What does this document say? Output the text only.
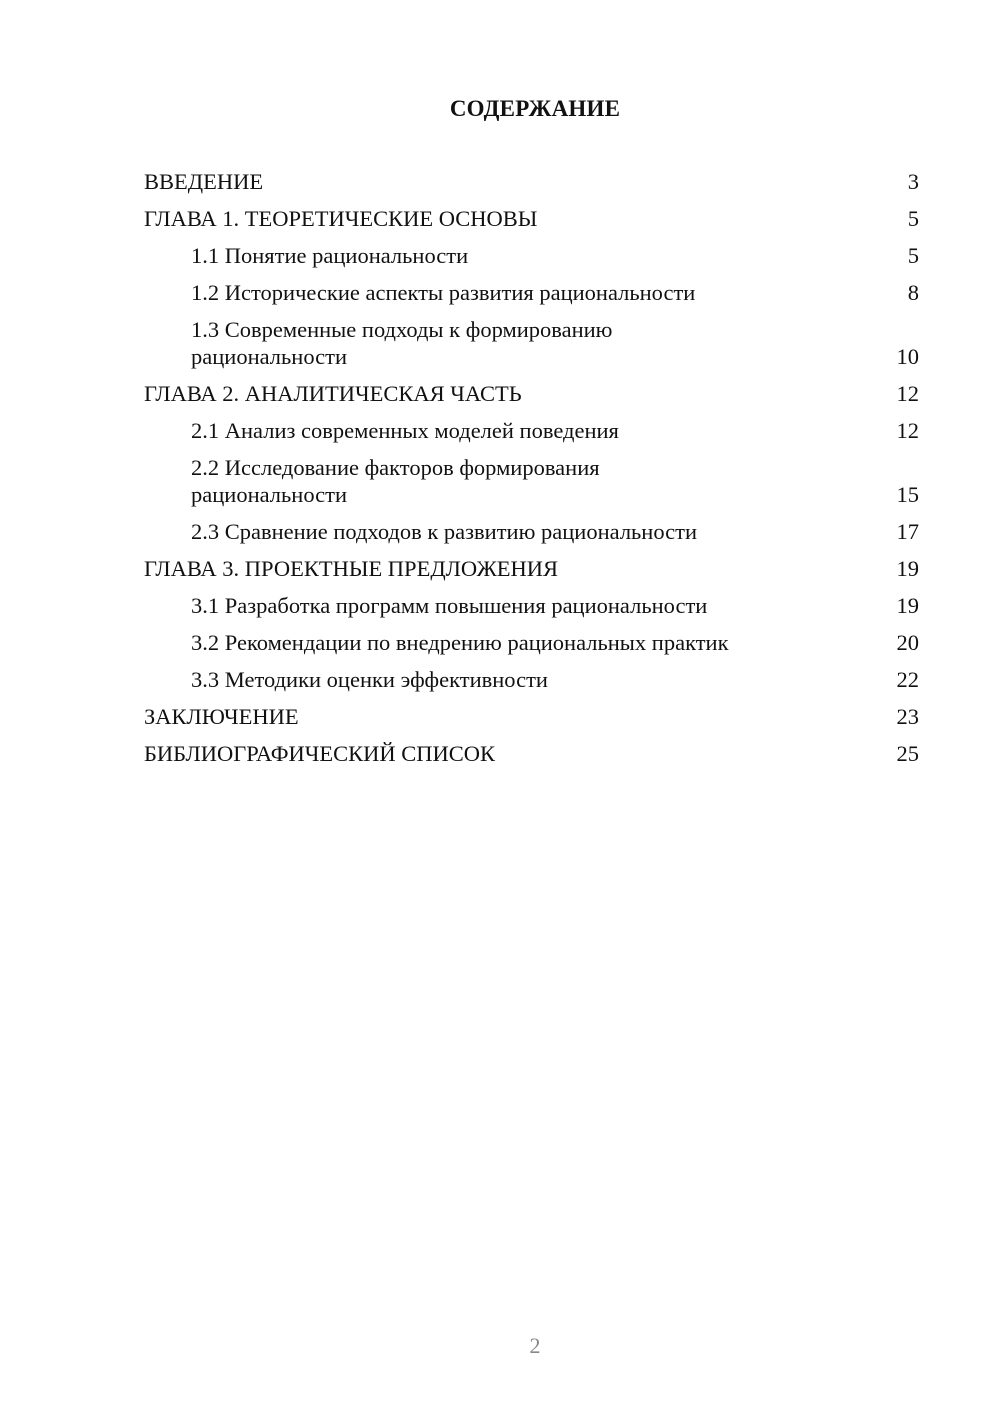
СОДЕРЖАНИЕ
ВВЕДЕНИЕ	3
ГЛАВА 1. ТЕОРЕТИЧЕСКИЕ ОСНОВЫ	5
1.1 Понятие рациональности	5
1.2 Исторические аспекты развития рациональности	8
1.3 Современные подходы к формированию рациональности	10
ГЛАВА 2. АНАЛИТИЧЕСКАЯ ЧАСТЬ	12
2.1 Анализ современных моделей поведения	12
2.2 Исследование факторов формирования рациональности	15
2.3 Сравнение подходов к развитию рациональности	17
ГЛАВА 3. ПРОЕКТНЫЕ ПРЕДЛОЖЕНИЯ	19
3.1 Разработка программ повышения рациональности	19
3.2 Рекомендации по внедрению рациональных практик	20
3.3 Методики оценки эффективности	22
ЗАКЛЮЧЕНИЕ	23
БИБЛИОГРАФИЧЕСКИЙ СПИСОК	25
2
